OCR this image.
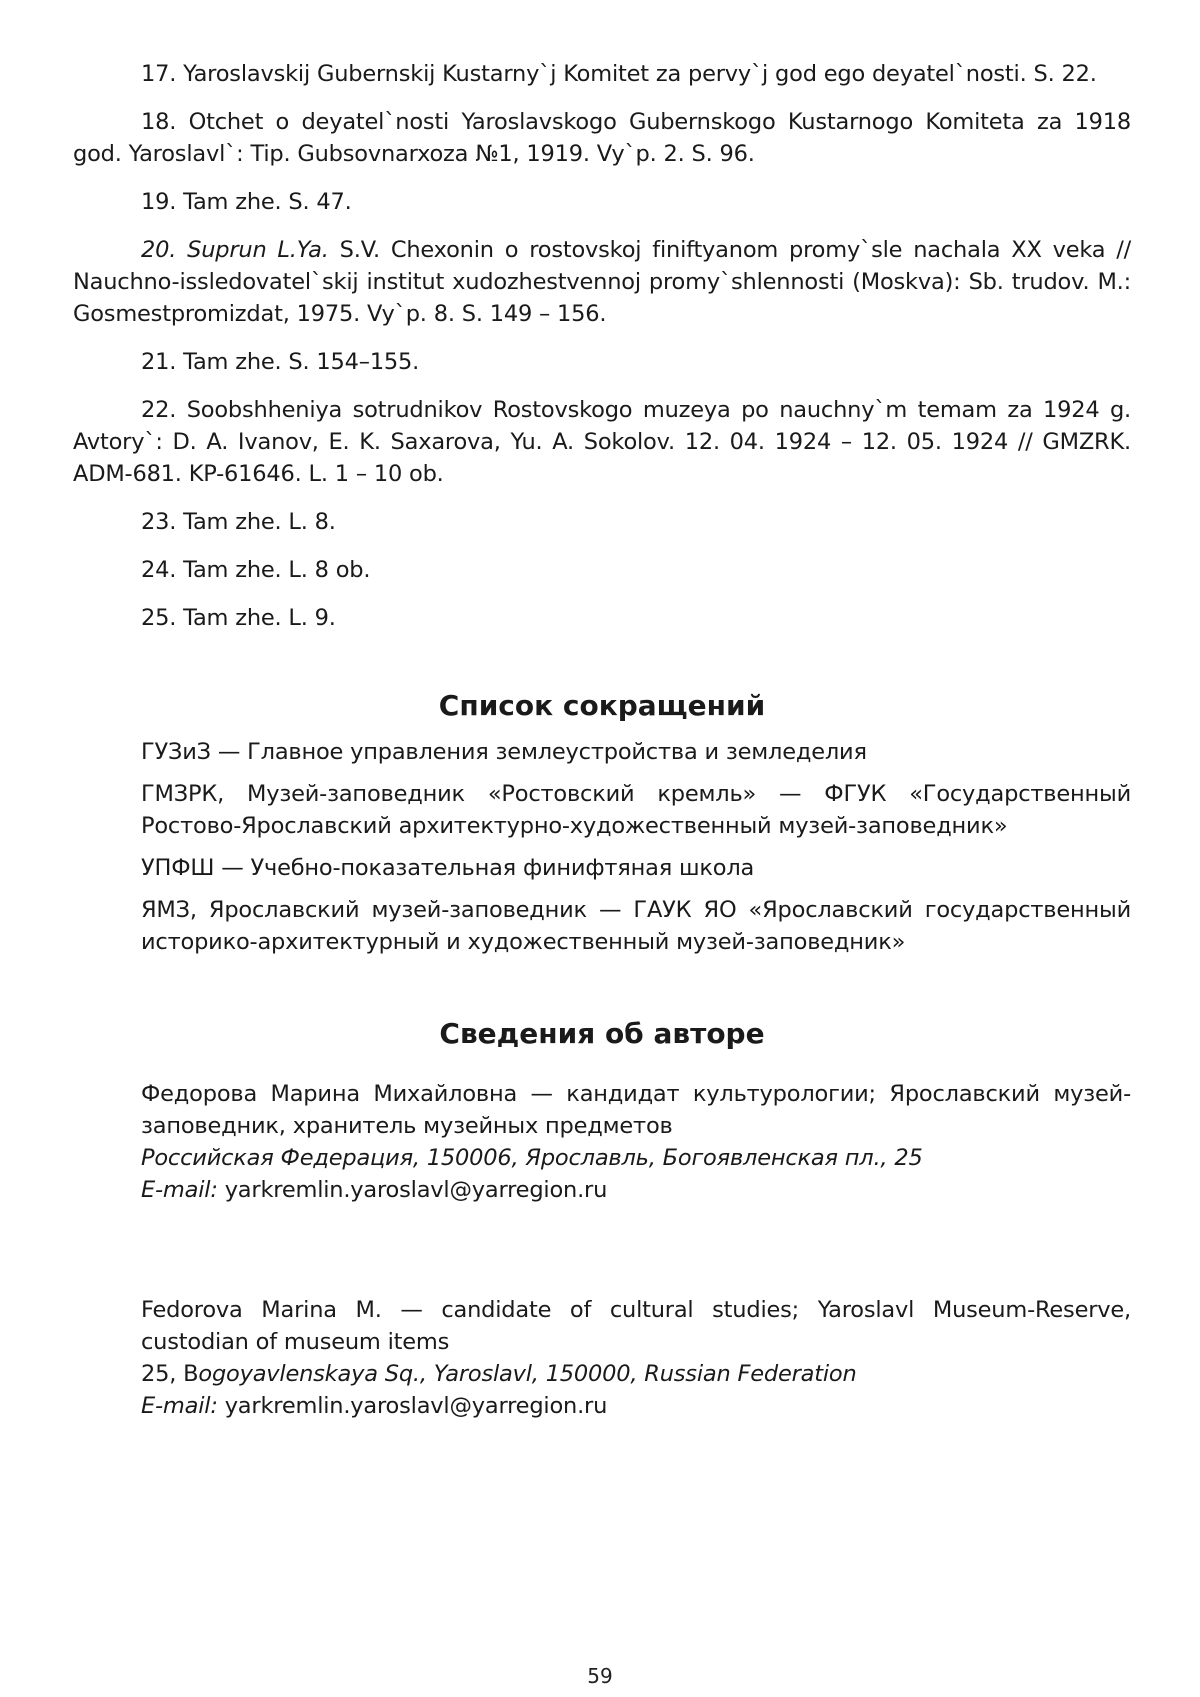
17. Yaroslavskij Gubernskij Kustarny`j Komitet za pervy`j god ego deyatel`nosti. S. 22.

18. Otchet o deyatel`nosti Yaroslavskogo Gubernskogo Kustarnogo Komiteta za 1918 god. Yaroslavl`: Tip. Gubsovnarxoza №1, 1919. Vy`p. 2. S. 96.

19. Tam zhe. S. 47.

20. Suprun L.Ya. S.V. Chexonin o rostovskoj finiftyanom promy`sle nachala XX veka // Nauchno-issledovatel`skij institut xudozhestvennoj promy`shlennosti (Moskva): Sb. trudov. M.: Gosmestpromizdat, 1975. Vy`p. 8. S. 149 – 156.

21. Tam zhe. S. 154–155.

22. Soobshheniya sotrudnikov Rostovskogo muzeya po nauchny`m temam za 1924 g. Avtory`: D. A. Ivanov, E. K. Saxarova, Yu. A. Sokolov. 12. 04. 1924 – 12. 05. 1924 // GMZRK. ADM-681. KP-61646. L. 1 – 10 ob.

23. Tam zhe. L. 8.

24. Tam zhe. L. 8 ob.

25. Tam zhe. L. 9.

Список сокращений

ГУЗиЗ — Главное управления землеустройства и земледелия

ГМЗРК, Музей-заповедник «Ростовский кремль» — ФГУК «Государственный Ростово-Ярославский архитектурно-художественный музей-заповедник»

УПФШ — Учебно-показательная финифтяная школа

ЯМЗ, Ярославский музей-заповедник — ГАУК ЯО «Ярославский государственный историко-архитектурный и художественный музей-заповедник»

Сведения об авторе
Федорова Марина Михайловна — кандидат культурологии; Ярославский музей-заповедник, хранитель музейных предметов
Российская Федерация, 150006, Ярославль, Богоявленская пл., 25
E-mail: yarkremlin.yaroslavl@yarregion.ru
Fedorova Marina M. — candidate of cultural studies; Yaroslavl Museum-Reserve, custodian of museum items
25, Bogoyavlenskaya Sq., Yaroslavl, 150000, Russian Federation
E-mail: yarkremlin.yaroslavl@yarregion.ru
59
